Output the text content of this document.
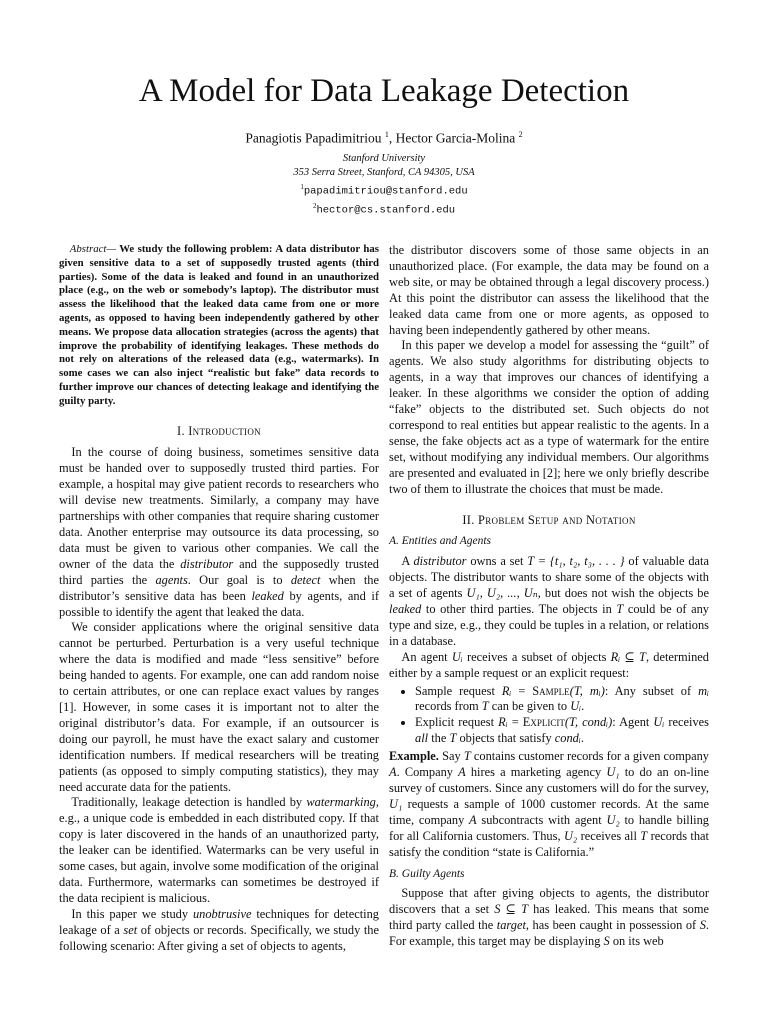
A Model for Data Leakage Detection
Panagiotis Papadimitriou $^1$, Hector Garcia-Molina $^2$
Stanford University
353 Serra Street, Stanford, CA 94305, USA
$^1$papadimitriou@stanford.edu
$^2$hector@cs.stanford.edu

Abstract— We study the following problem: A data distributor has given sensitive data to a set of supposedly trusted agents (third parties). Some of the data is leaked and found in an unauthorized place (e.g., on the web or somebody’s laptop). The distributor must assess the likelihood that the leaked data came from one or more agents, as opposed to having been independently gathered by other means. We propose data allocation strategies (across the agents) that improve the probability of identifying leakages. These methods do not rely on alterations of the released data (e.g., watermarks). In some cases we can also inject “realistic but fake” data records to further improve our chances of detecting leakage and identifying the guilty party.

I. Introduction

In the course of doing business, sometimes sensitive data must be handed over to supposedly trusted third parties. For example, a hospital may give patient records to researchers who will devise new treatments. Similarly, a company may have partnerships with other companies that require sharing customer data. Another enterprise may outsource its data processing, so data must be given to various other companies. We call the owner of the data the distributor and the supposedly trusted third parties the agents. Our goal is to detect when the distributor’s sensitive data has been leaked by agents, and if possible to identify the agent that leaked the data.

We consider applications where the original sensitive data cannot be perturbed. Perturbation is a very useful technique where the data is modified and made “less sensitive” before being handed to agents. For example, one can add random noise to certain attributes, or one can replace exact values by ranges [1]. However, in some cases it is important not to alter the original distributor’s data. For example, if an outsourcer is doing our payroll, he must have the exact salary and customer identification numbers. If medical researchers will be treating patients (as opposed to simply computing statistics), they may need accurate data for the patients.

Traditionally, leakage detection is handled by watermarking, e.g., a unique code is embedded in each distributed copy. If that copy is later discovered in the hands of an unauthorized party, the leaker can be identified. Watermarks can be very useful in some cases, but again, involve some modification of the original data. Furthermore, watermarks can sometimes be destroyed if the data recipient is malicious.

In this paper we study unobtrusive techniques for detecting leakage of a set of objects or records. Specifically, we study the following scenario: After giving a set of objects to agents,

the distributor discovers some of those same objects in an unauthorized place. (For example, the data may be found on a web site, or may be obtained through a legal discovery process.) At this point the distributor can assess the likelihood that the leaked data came from one or more agents, as opposed to having been independently gathered by other means.

In this paper we develop a model for assessing the “guilt” of agents. We also study algorithms for distributing objects to agents, in a way that improves our chances of identifying a leaker. In these algorithms we consider the option of adding “fake” objects to the distributed set. Such objects do not correspond to real entities but appear realistic to the agents. In a sense, the fake objects act as a type of watermark for the entire set, without modifying any individual members. Our algorithms are presented and evaluated in [2]; here we only briefly describe two of them to illustrate the choices that must be made.

II. Problem Setup and Notation
A. Entities and Agents

A distributor owns a set T = {t₁, t₂, t₃, . . . } of valuable data objects. The distributor wants to share some of the objects with a set of agents U₁, U₂, ..., Uₙ, but does not wish the objects be leaked to other third parties. The objects in T could be of any type and size, e.g., they could be tuples in a relation, or relations in a database.

An agent Uᵢ receives a subset of objects Rᵢ ⊆ T, determined either by a sample request or an explicit request:

• Sample request Rᵢ = Sample(T, mᵢ): Any subset of mᵢ records from T can be given to Uᵢ.
• Explicit request Rᵢ = Explicit(T, condᵢ): Agent Uᵢ receives all the T objects that satisfy condᵢ.

Example. Say T contains customer records for a given company A. Company A hires a marketing agency U₁ to do an on-line survey of customers. Since any customers will do for the survey, U₁ requests a sample of 1000 customer records. At the same time, company A subcontracts with agent U₂ to handle billing for all California customers. Thus, U₂ receives all T records that satisfy the condition “state is California.”

B. Guilty Agents

Suppose that after giving objects to agents, the distributor discovers that a set S ⊆ T has leaked. This means that some third party called the target, has been caught in possession of S. For example, this target may be displaying S on its web
